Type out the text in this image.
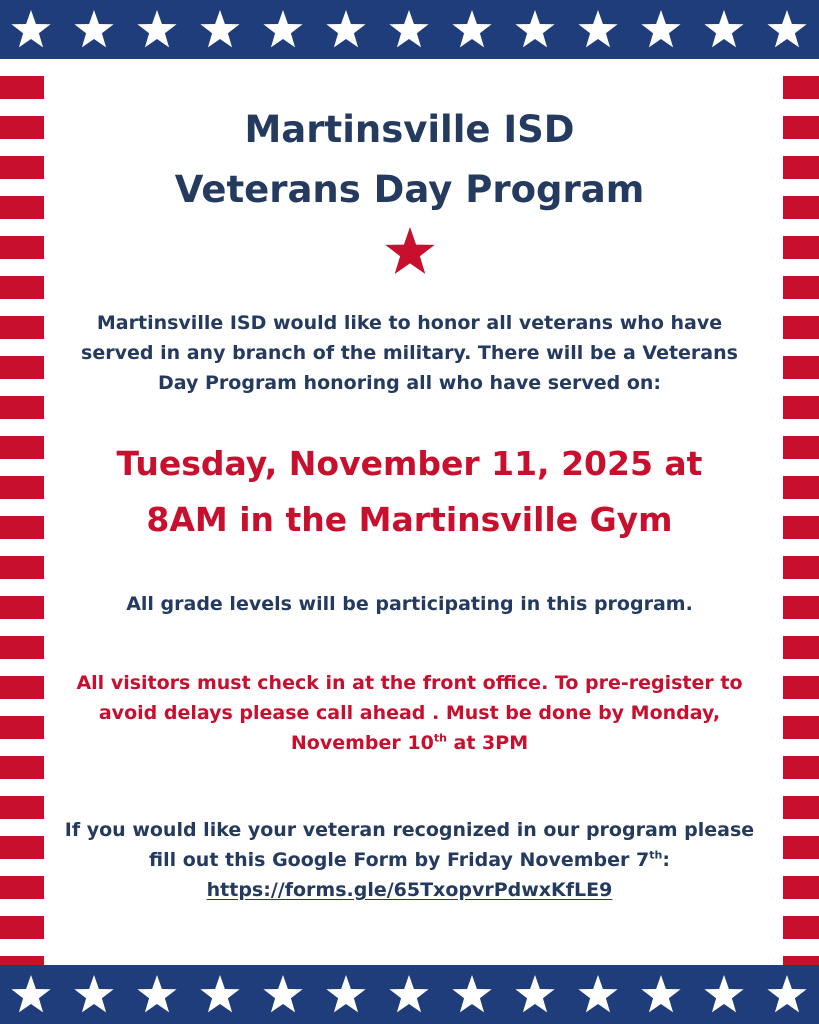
Martinsville ISD
Veterans Day Program

Martinsville ISD would like to honor all veterans who have served in any branch of the military. There will be a Veterans Day Program honoring all who have served on:

Tuesday, November 11, 2025 at
8AM in the Martinsville Gym

All grade levels will be participating in this program.

All visitors must check in at the front office. To pre-register to avoid delays please call ahead . Must be done by Monday, November 10th at 3PM

If you would like your veteran recognized in our program please fill out this Google Form by Friday November 7th:
https://forms.gle/65TxopvrPdwxKfLE9
